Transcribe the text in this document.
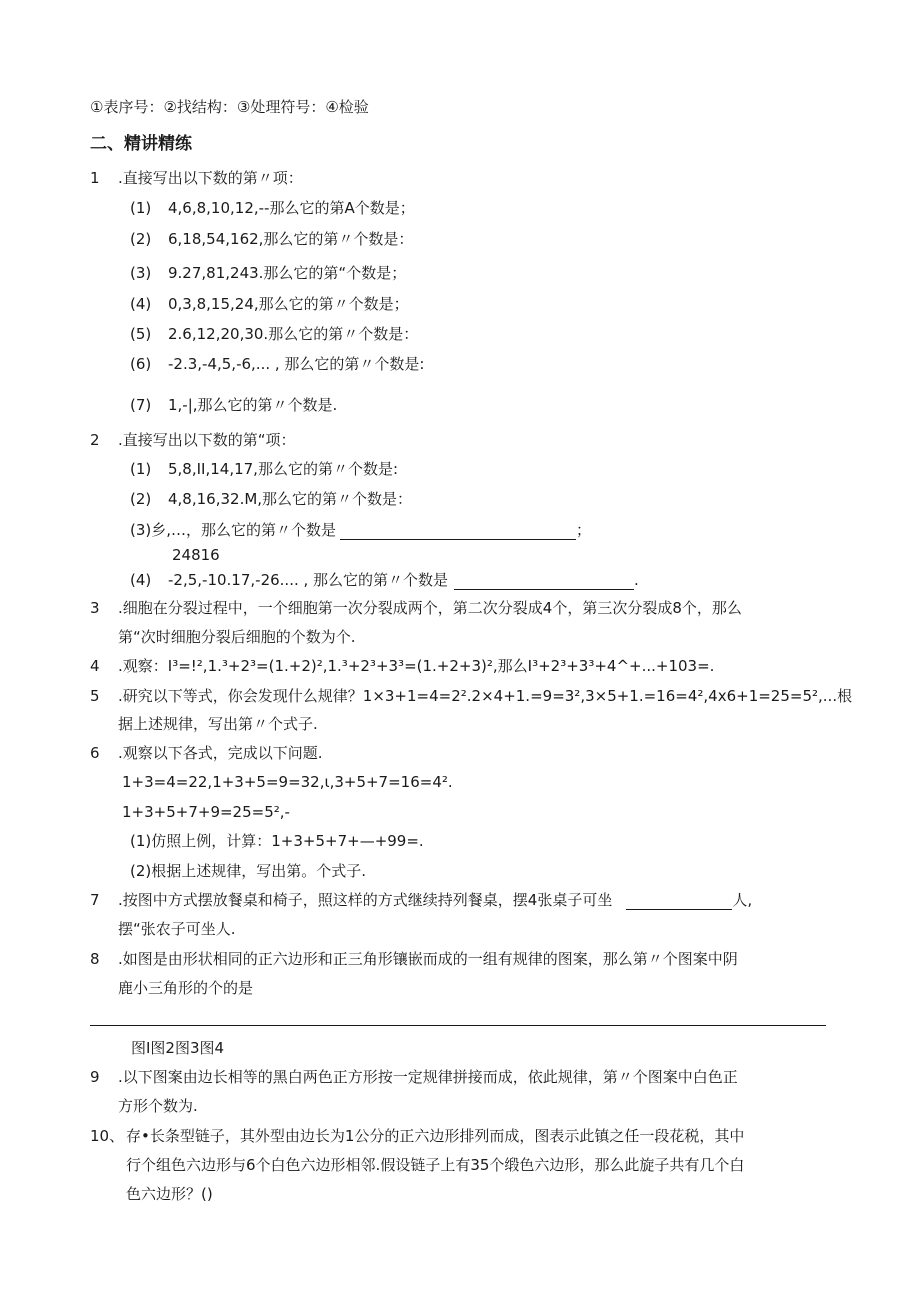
①表序号：②找结构：③处理符号：④检验
二、精讲精练
1 .直接写出以下数的第〃项：
(1) 4,6,8,10,12,--那么它的第A个数是；
(2) 6,18,54,162,那么它的第〃个数是：
(3) 9.27,81,243.那么它的第“个数是；
(4) 0,3,8,15,24,那么它的第〃个数是；
(5) 2.6,12,20,30.那么它的第〃个数是：
(6) -2.3,-4,5,-6,... , 那么它的第〃个数是:
(7) 1,-|,那么它的第〃个数是.
2 .直接写出以下数的第“项：
(1) 5,8,II,14,17,那么它的第〃个数是:
(2) 4,8,16,32.M,那么它的第〃个数是：
(3)乡,…，那么它的第〃个数是	；
24816
(4) -2,5,-10.17,-26.... , 那么它的第〃个数是	.
3 .细胞在分裂过程中，一个细胞第一次分裂成两个，第二次分裂成4个，第三次分裂成8个，那么
第“次时细胞分裂后细胞的个数为个.
4 .观察：I³=!²,1.³+2³=(1.+2)²,1.³+2³+3³=(1.+2+3)²,那么I³+2³+3³+4^+...+103=.
5 .研究以下等式，你会发现什么规律？1×3+1=4=2².2×4+1.=9=3²,3×5+1.=16=4²,4x6+1=25=5²,...根
据上述规律，写出第〃个式子.
6 .观察以下各式，完成以下问题.
1+3=4=22,1+3+5=9=32,ι,3+5+7=16=4².
1+3+5+7+9=25=5²,-
(1)仿照上例，计算：1+3+5+7+—+99=.
(2)根据上述规律，写出第。个式子.
7 .按图中方式摆放餐桌和椅子，照这样的方式继续持列餐桌，摆4张桌子可坐	人,
摆“张农子可坐人.
8 .如图是由形状相同的正六边形和正三角形镶嵌而成的一组有规律的图案，那么第〃个图案中阴
鹿小三角形的个的是
图I图2图3图4
9 .以下图案由边长相等的黑白两色正方形按一定规律拼接而成，依此规律，第〃个图案中白色正
方形个数为.
10、 存•长条型链子，其外型由边长为1公分的正六边形排列而成，图表示此镇之任一段花税，其中
行个组色六边形与6个白色六边形相邻.假设链子上有35个缎色六边形，那么此旋子共有几个白
色六边形？()
